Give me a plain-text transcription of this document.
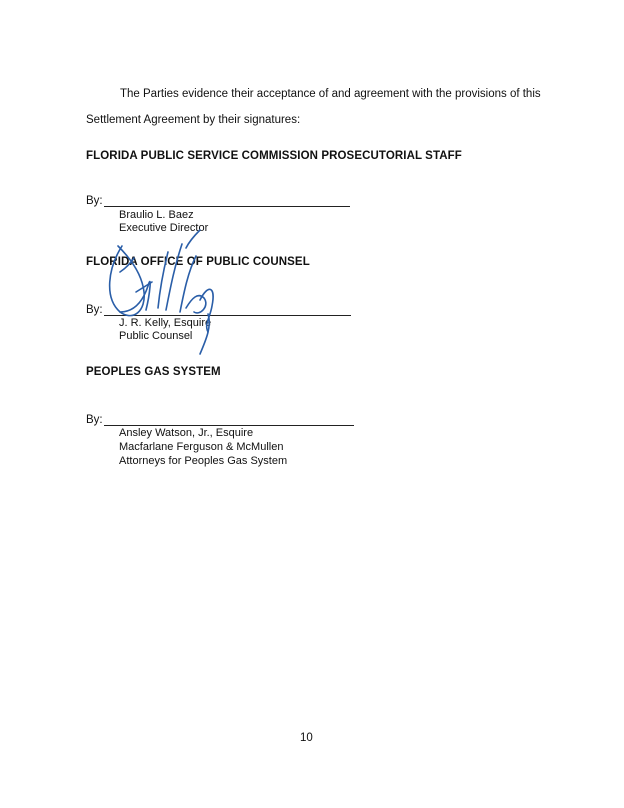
The Parties evidence their acceptance of and agreement with the provisions of this
Settlement Agreement by their signatures:
FLORIDA PUBLIC SERVICE COMMISSION PROSECUTORIAL STAFF
By:
Braulio L. Baez
Executive Director
FLORIDA OFFICE OF PUBLIC COUNSEL
By:
J. R. Kelly, Esquire
Public Counsel
PEOPLES GAS SYSTEM
By:
Ansley Watson, Jr., Esquire
Macfarlane Ferguson & McMullen
Attorneys for Peoples Gas System
10
